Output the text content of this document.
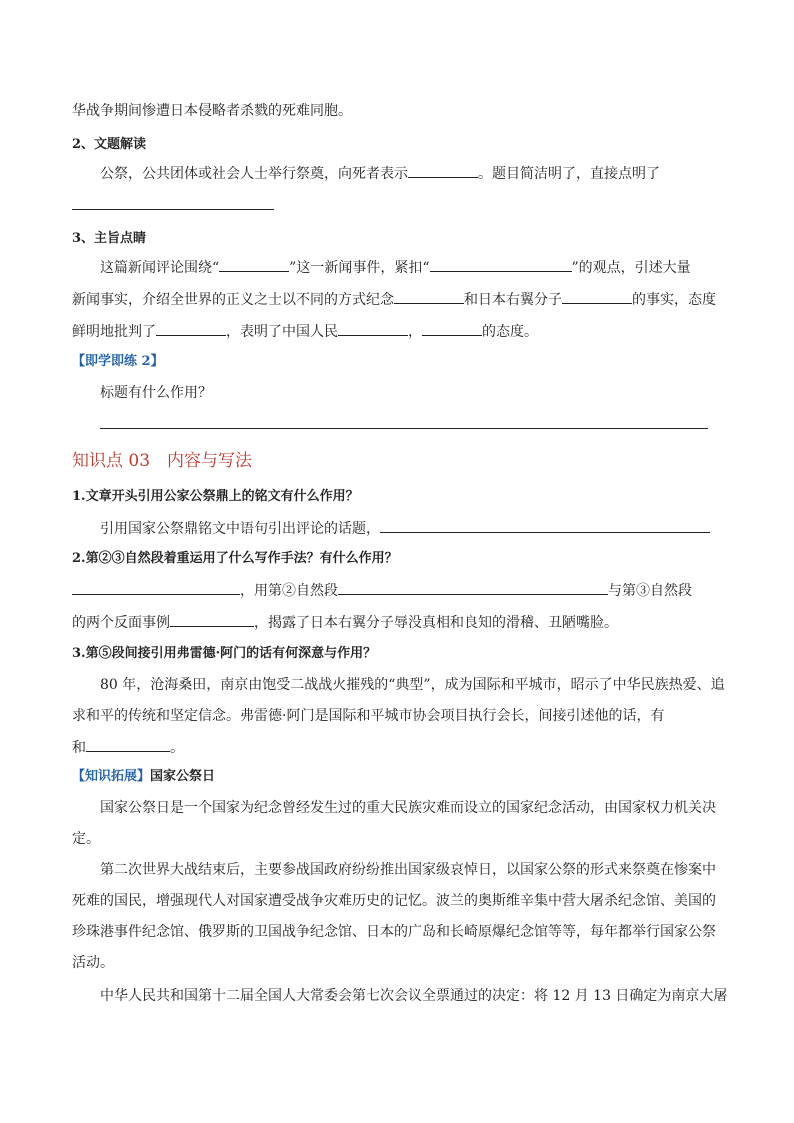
华战争期间惨遭日本侵略者杀戮的死难同胞。
2、文题解读
公祭，公共团体或社会人士举行祭奠，向死者表示	。题目简洁明了，直接点明了
3、主旨点睛
这篇新闻评论围绕“	”这一新闻事件，紧扣“	”的观点，引述大量
新闻事实，介绍全世界的正义之士以不同的方式纪念	和日本右翼分子	的事实，态度
鲜明地批判了	，表明了中国人民	，	的态度。
【即学即练 2】
标题有什么作用？
知识点 03　内容与写法
1.文章开头引用公家公祭鼎上的铭文有什么作用？
引用国家公祭鼎铭文中语句引出评论的话题，
2.第②③自然段着重运用了什么写作手法？有什么作用？
，用第②自然段	与第③自然段
的两个反面事例	，揭露了日本右翼分子辱没真相和良知的滑稽、丑陋嘴脸。
3.第⑤段间接引用弗雷德·阿门的话有何深意与作用？
80 年，沧海桑田，南京由饱受二战战火摧残的“典型”，成为国际和平城市，昭示了中华民族热爱、追
求和平的传统和坚定信念。弗雷德·阿门是国际和平城市协会项目执行会长，间接引述他的话，有
和	。
【知识拓展】国家公祭日
国家公祭日是一个国家为纪念曾经发生过的重大民族灾难而设立的国家纪念活动，由国家权力机关决
定。
第二次世界大战结束后，主要参战国政府纷纷推出国家级哀悼日，以国家公祭的形式来祭奠在惨案中
死难的国民，增强现代人对国家遭受战争灾难历史的记忆。波兰的奥斯维辛集中营大屠杀纪念馆、美国的
珍珠港事件纪念馆、俄罗斯的卫国战争纪念馆、日本的广岛和长崎原爆纪念馆等等，每年都举行国家公祭
活动。
中华人民共和国第十二届全国人大常委会第七次会议全票通过的决定：将 12 月 13 日确定为南京大屠
